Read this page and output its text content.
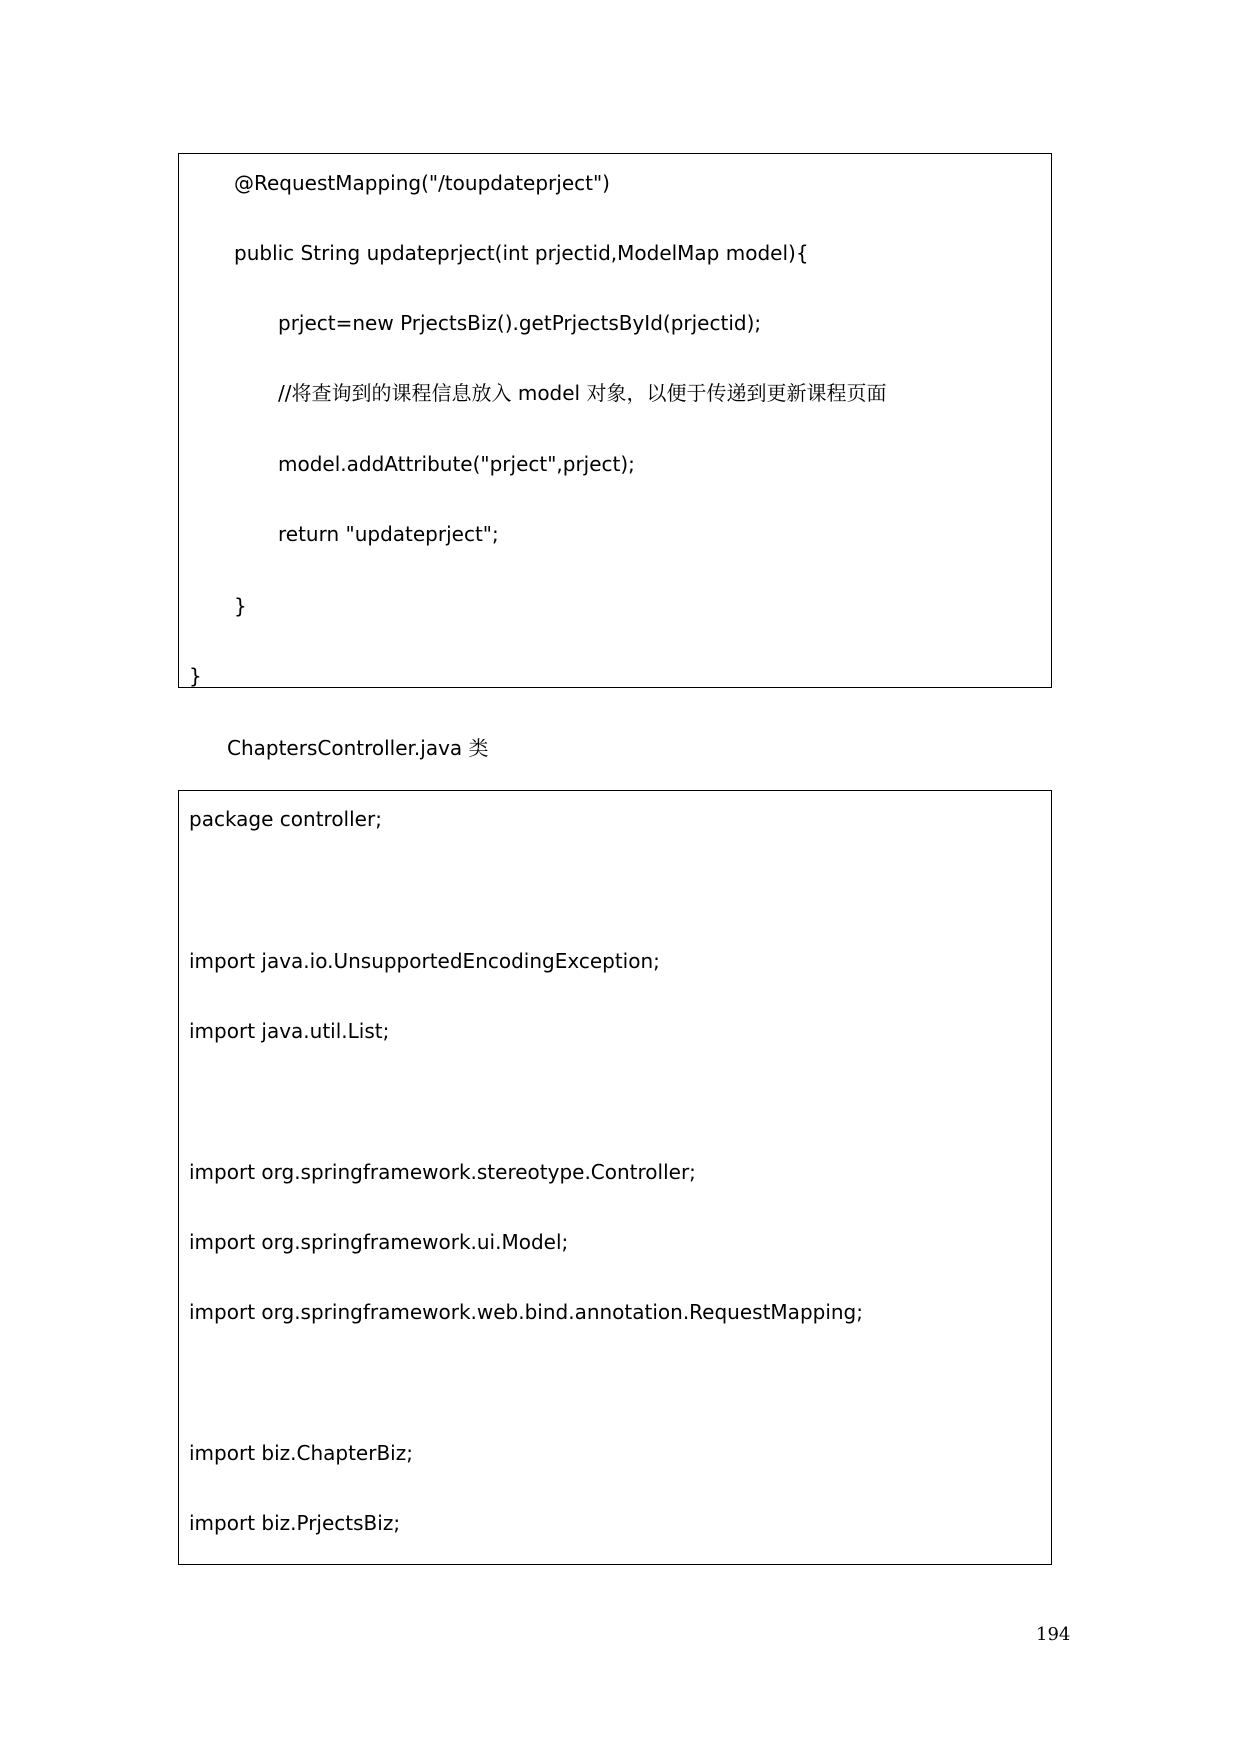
@RequestMapping("/toupdateprject")
public String updateprject(int prjectid,ModelMap model){
prject=new PrjectsBiz().getPrjectsById(prjectid);
//将查询到的课程信息放入 model 对象，以便于传递到更新课程页面
model.addAttribute("prject",prject);
return "updateprject";
}
}
ChaptersController.java 类
package controller;
import java.io.UnsupportedEncodingException;
import java.util.List;
import org.springframework.stereotype.Controller;
import org.springframework.ui.Model;
import org.springframework.web.bind.annotation.RequestMapping;
import biz.ChapterBiz;
import biz.PrjectsBiz;
194
